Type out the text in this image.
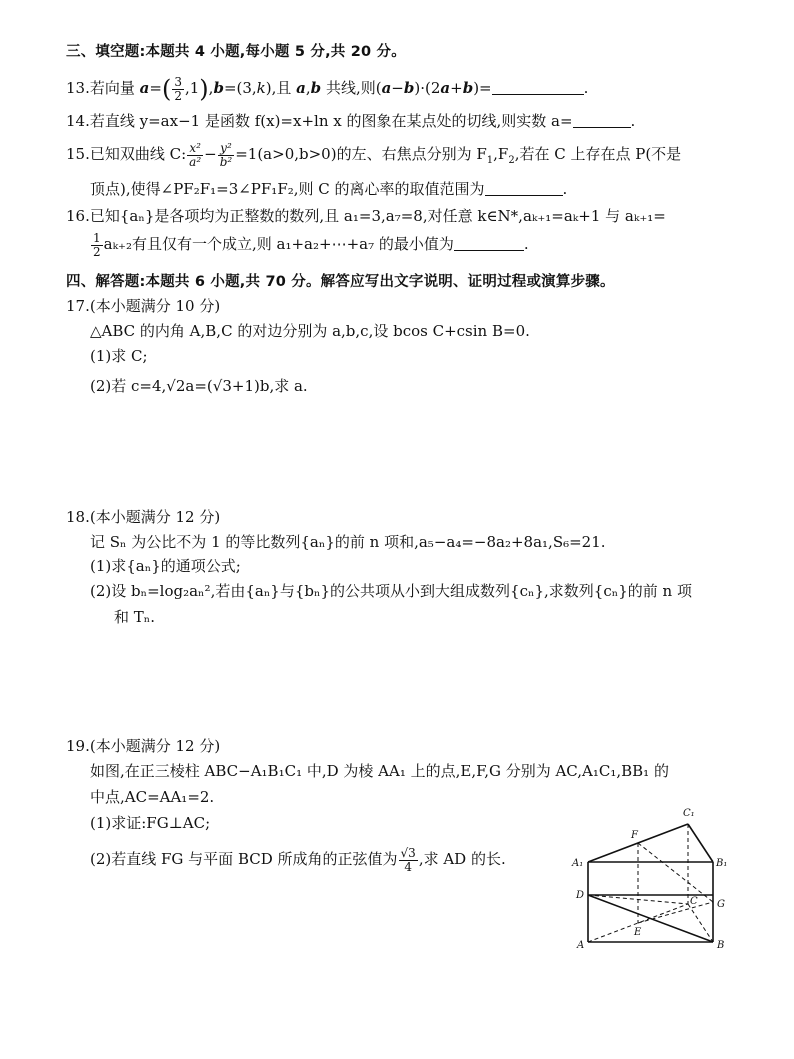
三、填空题:本题共 4 小题,每小题 5 分,共 20 分。
13.若向量 $a=( \frac{3}{2} ,1),b=(3,k)$,且 a,b 共线,则(a−b)·(2a+b)=	.
14.若直线 y=ax−1 是函数 f(x)=x+ln x 的图象在某点处的切线,则实数 a=	.
15.已知双曲线 C: $\frac{\text{x²}}{\text{a²}} - \frac{\text{y²}}{\text{b²}} =1(a>0,b>0)$的左、右焦点分别为 $F_1,F_2$,若在 C 上存在点 P(不是
顶点),使得∠PF₂F₁=3∠PF₁F₂,则 C 的离心率的取值范围为	.
16.已知{aₙ}是各项均为正整数的数列,且 a₁=3,a₇=8,对任意 k∈N*,aₖ₊₁=aₖ+1 与 aₖ₊₁=
$\frac{1}{2} a_{k+2}$有且仅有一个成立,则 a₁+a₂+⋯+a₇ 的最小值为	.
四、解答题:本题共 6 小题,共 70 分。解答应写出文字说明、证明过程或演算步骤。
17.(本小题满分 10 分)
△ABC 的内角 A,B,C 的对边分别为 a,b,c,设 bcos C+csin B=0.
(1)求 C;
(2)若 c=4,√2a=(√3+1)b,求 a.
18.(本小题满分 12 分)
记 Sₙ 为公比不为 1 的等比数列{aₙ}的前 n 项和,a₅−a₄=−8a₂+8a₁,S₆=21.
(1)求{aₙ}的通项公式;
(2)设 bₙ=log₂aₙ²,若由{aₙ}与{bₙ}的公共项从小到大组成数列{cₙ},求数列{cₙ}的前 n 项
和 Tₙ.
19.(本小题满分 12 分)
如图,在正三棱柱 ABC−A₁B₁C₁ 中,D 为棱 AA₁ 上的点,E,F,G 分别为 AC,A₁C₁,BB₁ 的
中点,AC=AA₁=2.
(1)求证:FG⊥AC;
(2)若直线 FG 与平面 BCD 所成角的正弦值为 $\frac{√3}{4}$ ,求 AD 的长.
C₁
F
A₁	B₁
D
C G
E
A	B
